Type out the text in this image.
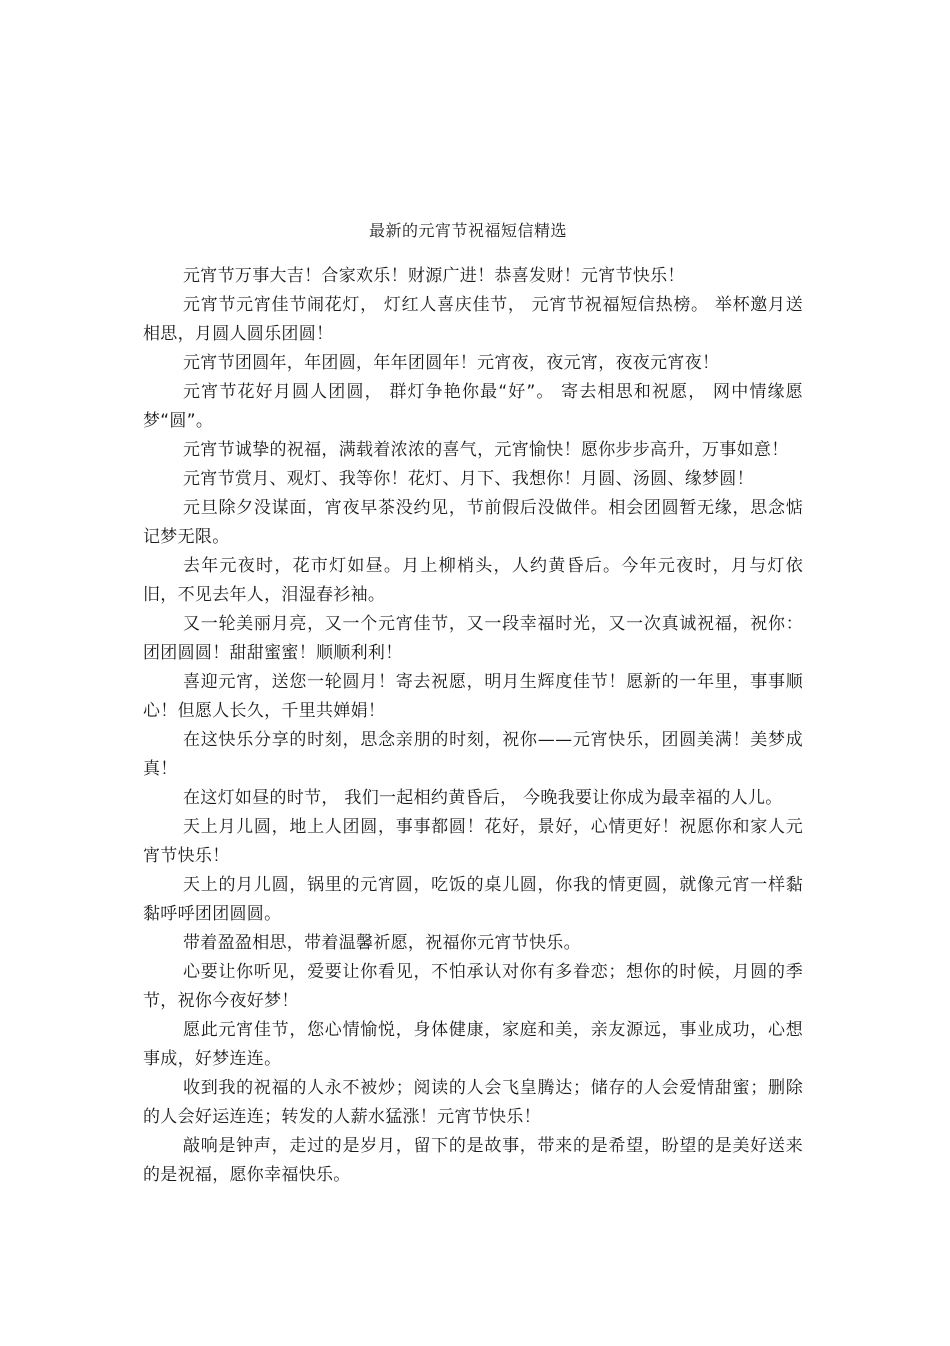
最新的元宵节祝福短信精选

元宵节万事大吉！合家欢乐！财源广进！恭喜发财！元宵节快乐！

元宵节元宵佳节闹花灯， 灯红人喜庆佳节， 元宵节祝福短信热榜。 举杯邀月送相思，月圆人圆乐团圆！

元宵节团圆年，年团圆，年年团圆年！元宵夜，夜元宵，夜夜元宵夜！

元宵节花好月圆人团圆， 群灯争艳你最“好”。 寄去相思和祝愿， 网中情缘愿梦“圆”。

元宵节诚挚的祝福，满载着浓浓的喜气，元宵愉快！愿你步步高升，万事如意！

元宵节赏月、观灯、我等你！花灯、月下、我想你！月圆、汤圆、缘梦圆！

元旦除夕没谋面，宵夜早茶没约见，节前假后没做伴。相会团圆暂无缘，思念惦记梦无限。

去年元夜时，花市灯如昼。月上柳梢头，人约黄昏后。今年元夜时，月与灯依旧，不见去年人，泪湿春衫袖。

又一轮美丽月亮，又一个元宵佳节，又一段幸福时光，又一次真诚祝福，祝你：团团圆圆！甜甜蜜蜜！顺顺利利！

喜迎元宵，送您一轮圆月！寄去祝愿，明月生辉度佳节！愿新的一年里，事事顺心！但愿人长久，千里共婵娟！

在这快乐分享的时刻，思念亲朋的时刻，祝你——元宵快乐，团圆美满！美梦成真！

在这灯如昼的时节， 我们一起相约黄昏后， 今晚我要让你成为最幸福的人儿。

天上月儿圆，地上人团圆，事事都圆！花好，景好，心情更好！祝愿你和家人元宵节快乐！

天上的月儿圆，锅里的元宵圆，吃饭的桌儿圆，你我的情更圆，就像元宵一样黏黏呼呼团团圆圆。

带着盈盈相思，带着温馨祈愿，祝福你元宵节快乐。

心要让你听见，爱要让你看见，不怕承认对你有多眷恋；想你的时候，月圆的季节，祝你今夜好梦！

愿此元宵佳节，您心情愉悦，身体健康，家庭和美，亲友源远，事业成功，心想事成，好梦连连。

收到我的祝福的人永不被炒；阅读的人会飞皇腾达；储存的人会爱情甜蜜；删除的人会好运连连；转发的人薪水猛涨！元宵节快乐！

敲响是钟声，走过的是岁月，留下的是故事，带来的是希望，盼望的是美好送来的是祝福，愿你幸福快乐。
